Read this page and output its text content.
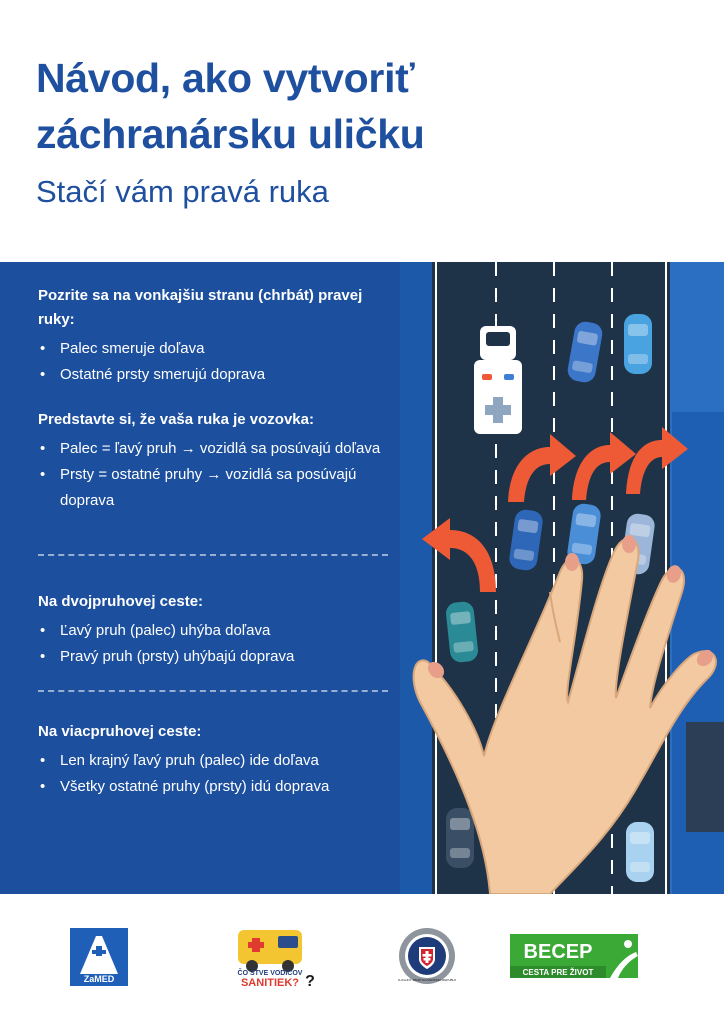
Návod, ako vytvoriť
záchranársku uličku
Stačí vám pravá ruka
Pozrite sa na vonkajšiu stranu (chrbát) pravej ruky:
• Palec smeruje doľava
• Ostatné prsty smerujú doprava
Predstavte si, že vaša ruka je vozovka:
• Palec = ľavý pruh → vozidlá sa posúvajú doľava
• Prsty = ostatné pruhy → vozidlá sa posúvajú doprava
Na dvojpruhovej ceste:
• Ľavý pruh (palec) uhýba doľava
• Pravý pruh (prsty) uhýbajú doprava
Na viacpruhovej ceste:
• Len krajný ľavý pruh (palec) ide doľava
• Všetky ostatné pruhy (prsty) idú doprava
ZaMED
ČO ŠTVE VODIČOV
SANITIEK? ?	POLICAJNÝ ZBOR SLOVENSKEJ REPUBLIKY
BECEP
CESTA PRE ŽIVOT
